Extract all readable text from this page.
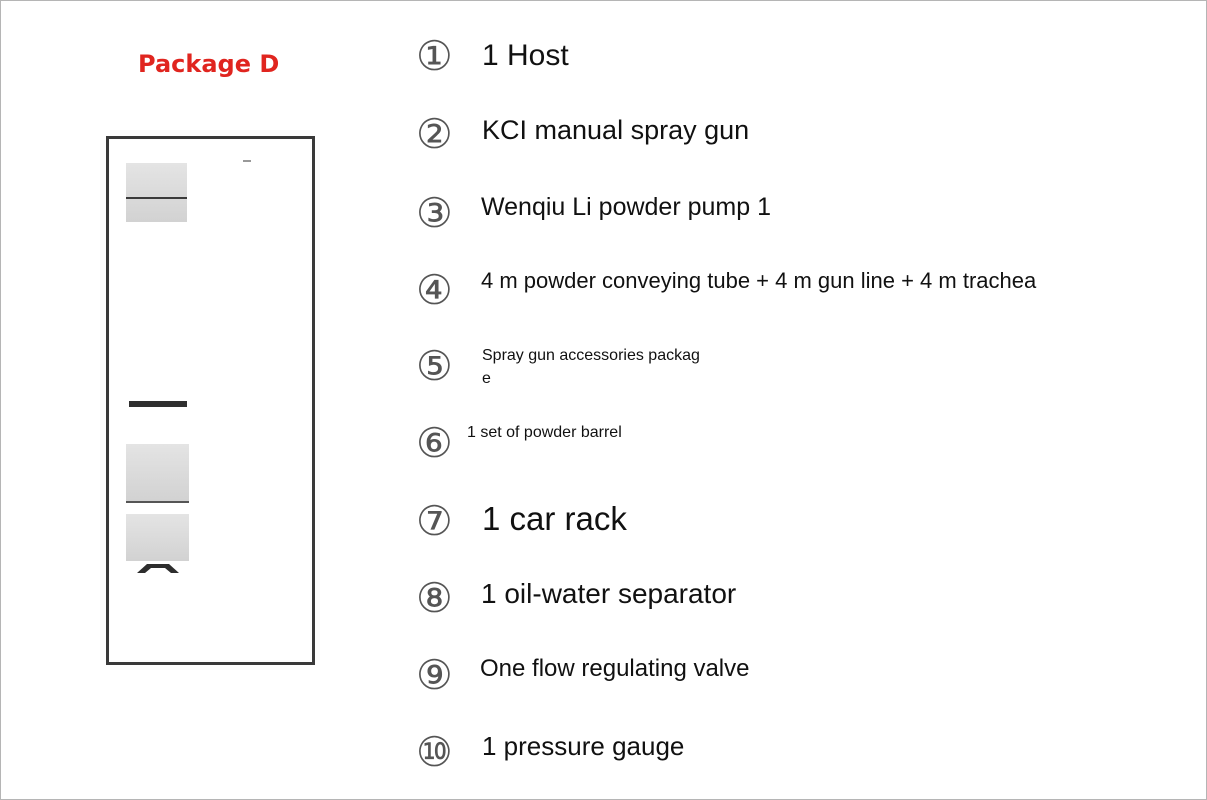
Package D	① 1 Host
② KCI manual spray gun
③ Wenqiu Li powder pump 1
④ 4 m powder conveying tube + 4 m gun line + 4 m trachea
⑤ Spray gun accessories packag
e
⑥ 1 set of powder barrel
⑦ 1 car rack
⑧ 1 oil-water separator
⑨ One flow regulating valve
⑩ 1 pressure gauge
